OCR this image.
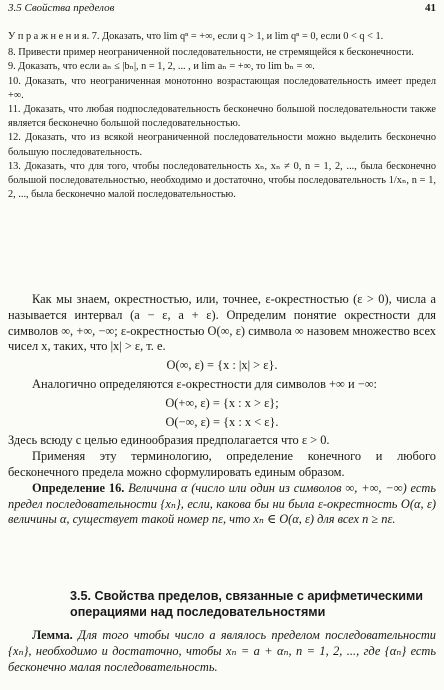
3.5 Свойства пределов	41

У п р а ж н е н и я. 7. Доказать, что lim qⁿ = +∞, если q > 1, и lim qⁿ = 0, если 0 < q < 1.

8. Привести пример неограниченной последовательности, не стремящейся к бесконечности.

9. Доказать, что если aₙ ≤ |bₙ|, n = 1, 2, ... , и lim aₙ = +∞, то lim bₙ = ∞.

10. Доказать, что неограниченная монотонно возрастающая последовательность имеет предел +∞.

11. Доказать, что любая подпоследовательность бесконечно большой последовательности также является бесконечно большой последовательностью.

12. Доказать, что из всякой неограниченной последовательности можно выделить бесконечно большую последовательность.

13. Доказать, что для того, чтобы последовательность xₙ, xₙ ≠ 0, n = 1, 2, ..., была бесконечно большой последовательностью, необходимо и достаточно, чтобы последовательность 1/xₙ, n = 1, 2, ..., была бесконечно малой последовательностью.

Как мы знаем, окрестностью, или, точнее, ε-окрестностью (ε > 0), числа a называется интервал (a − ε, a + ε). Определим понятие окрестности для символов ∞, +∞, −∞; ε-окрестностью O(∞, ε) символа ∞ назовем множество всех чисел x, таких, что |x| > ε, т. е.

O(∞, ε) = {x : |x| > ε}.

Аналогично определяются ε-окрестности для символов +∞ и −∞:

O(+∞, ε) = {x : x > ε};

O(−∞, ε) = {x : x < ε}.

Здесь всюду с целью единообразия предполагается что ε > 0.

Применяя эту терминологию, определение конечного и любого бесконечного предела можно сформулировать единым образом.

Определение 16. Величина α (число или один из символов ∞, +∞, −∞) есть предел последовательности {xₙ}, если, какова бы ни была ε-окрестность O(α, ε) величины α, существует такой номер nε, что xₙ ∈ O(α, ε) для всех n ≥ nε.

3.5. Свойства пределов, связанные с арифметическими
операциями над последовательностями

Лемма. Для того чтобы число a являлось пределом последовательности {xₙ}, необходимо и достаточно, чтобы xₙ = a + αₙ, n = 1, 2, ..., где {αₙ} есть бесконечно малая последовательность.
